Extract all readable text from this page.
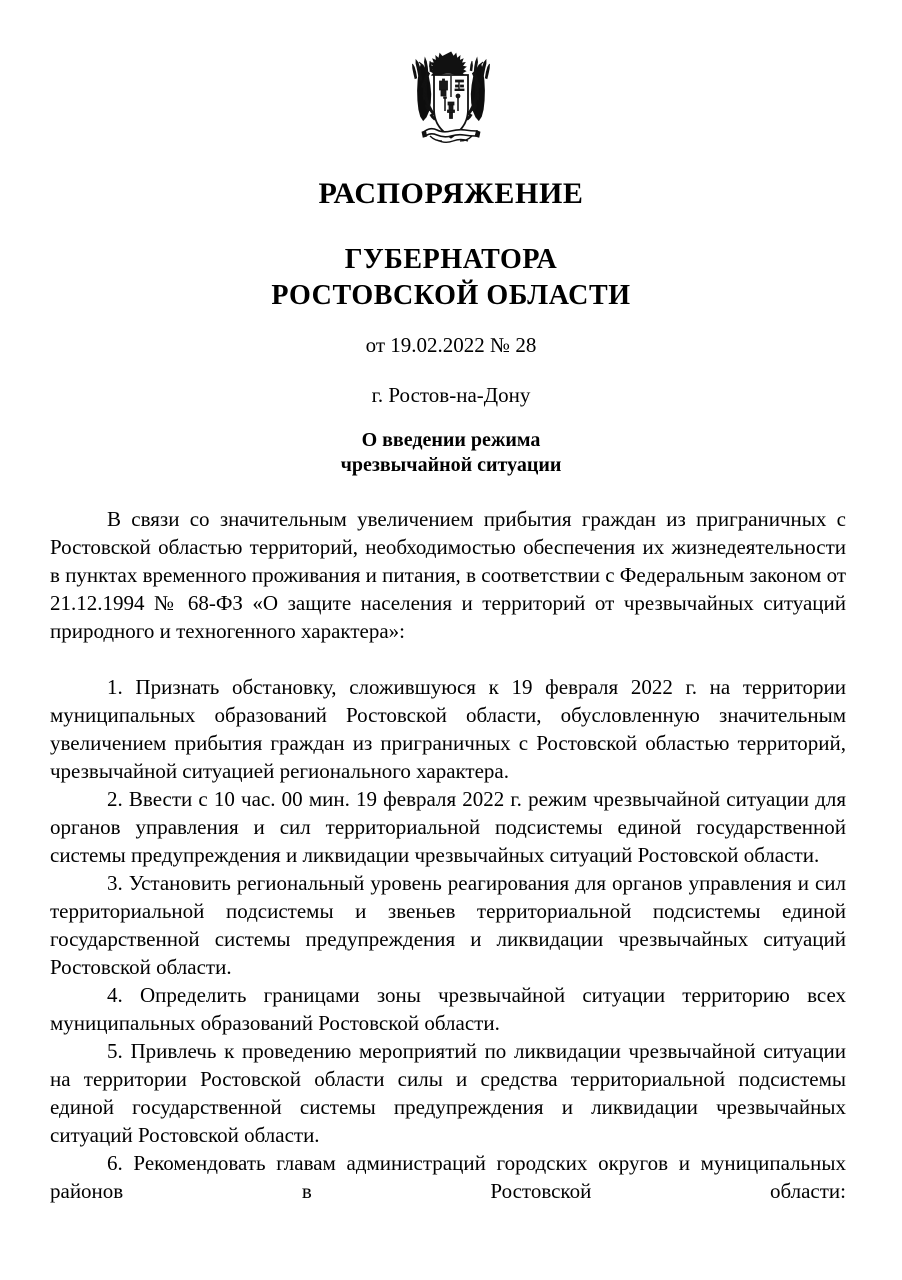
РАСПОРЯЖЕНИЕ
ГУБЕРНАТОРА
РОСТОВСКОЙ ОБЛАСТИ
от 19.02.2022 № 28
г. Ростов-на-Дону
О введении режима
чрезвычайной ситуации

В связи со значительным увеличением прибытия граждан из приграничных с Ростовской областью территорий, необходимостью обеспечения их жизнедеятельности в пунктах временного проживания и питания, в соответствии с Федеральным законом от 21.12.1994 № 68-ФЗ «О защите населения и территорий от чрезвычайных ситуаций природного и техногенного характера»:

1. Признать обстановку, сложившуюся к 19 февраля 2022 г. на территории муниципальных образований Ростовской области, обусловленную значительным увеличением прибытия граждан из приграничных с Ростовской областью территорий, чрезвычайной ситуацией регионального характера.

2. Ввести с 10 час. 00 мин. 19 февраля 2022 г. режим чрезвычайной ситуации для органов управления и сил территориальной подсистемы единой государственной системы предупреждения и ликвидации чрезвычайных ситуаций Ростовской области.

3. Установить региональный уровень реагирования для органов управления и сил территориальной подсистемы и звеньев территориальной подсистемы единой государственной системы предупреждения и ликвидации чрезвычайных ситуаций Ростовской области.

4. Определить границами зоны чрезвычайной ситуации территорию всех муниципальных образований Ростовской области.

5. Привлечь к проведению мероприятий по ликвидации чрезвычайной ситуации на территории Ростовской области силы и средства территориальной подсистемы единой государственной системы предупреждения и ликвидации чрезвычайных ситуаций Ростовской области.

6. Рекомендовать главам администраций городских округов и муниципальных районов в Ростовской области:
